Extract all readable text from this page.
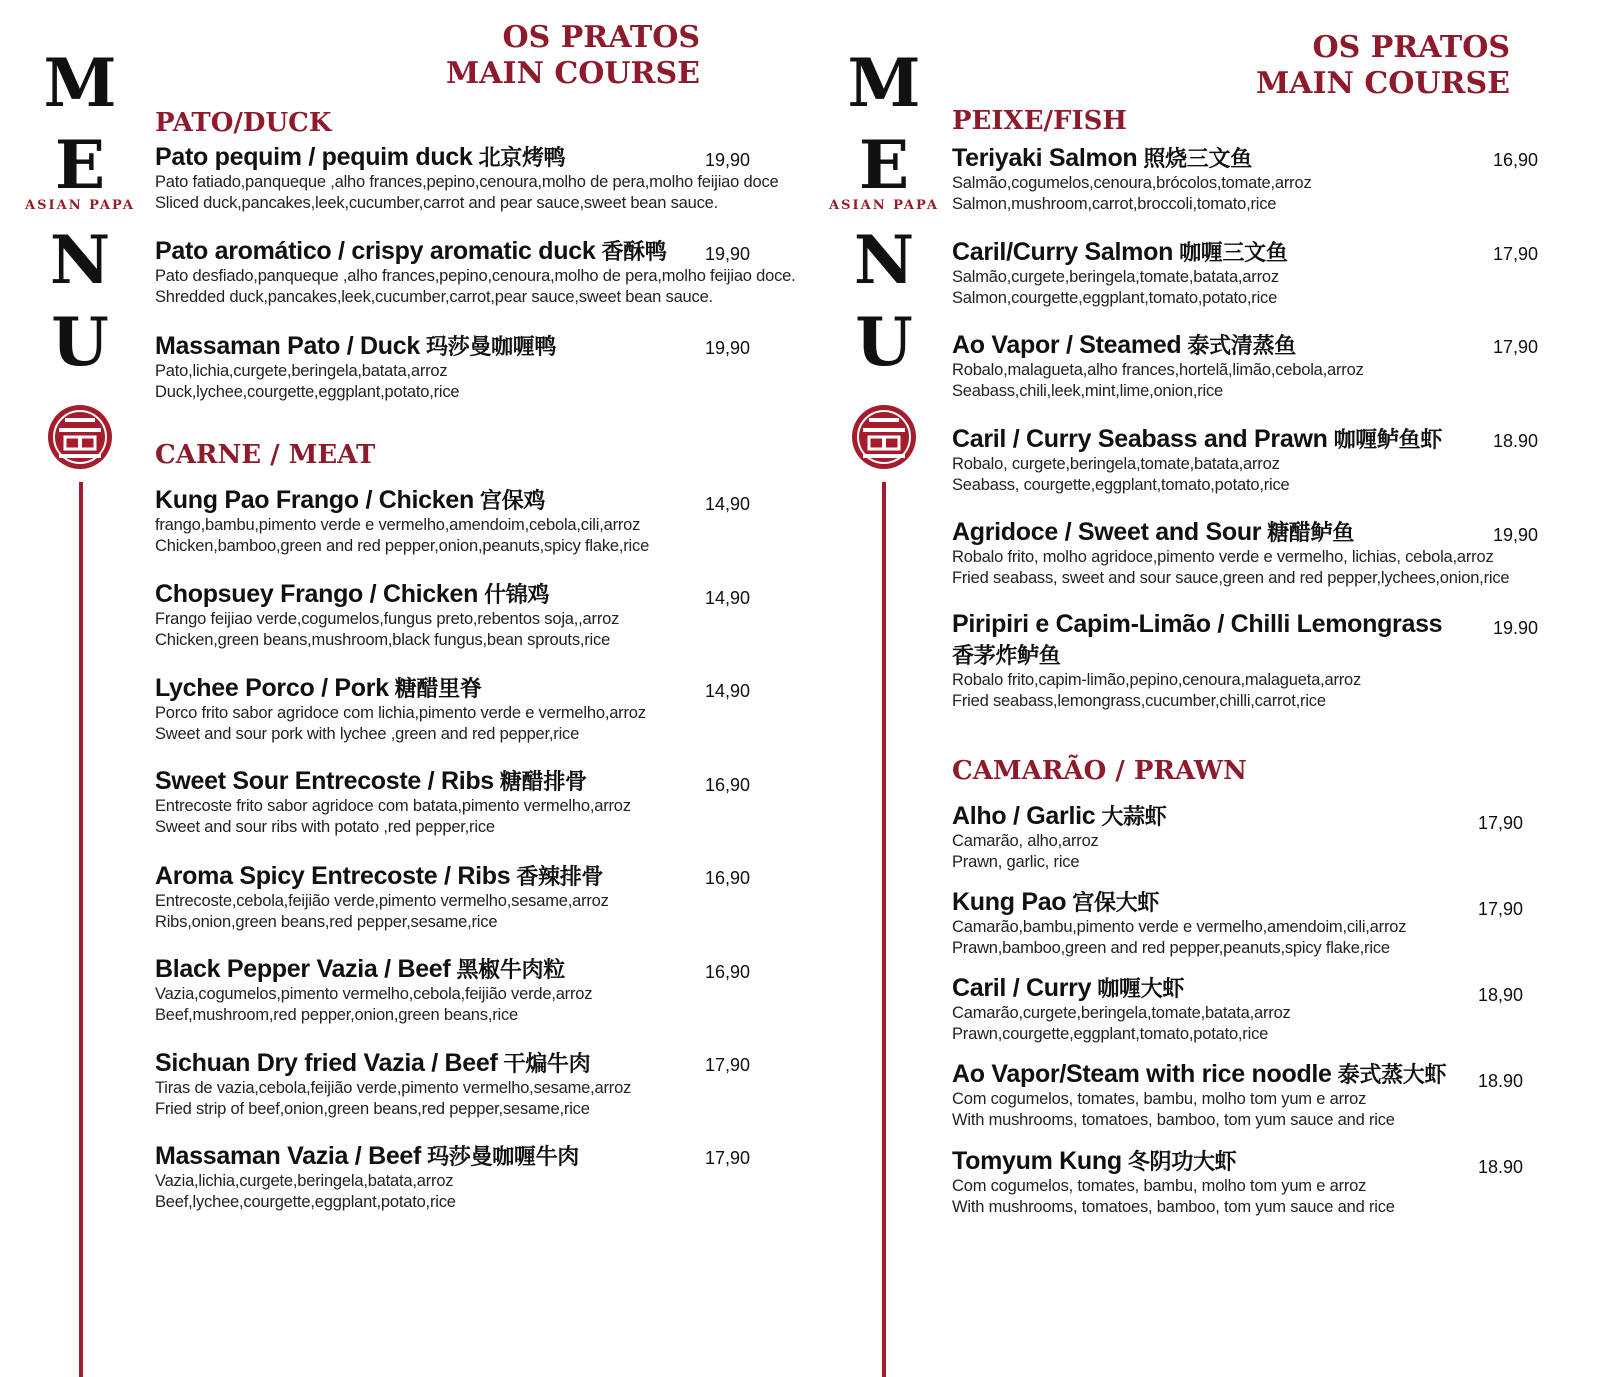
M
E
ASIAN PAPA
N
U
OS PRATOS
MAIN COURSE
PATO/DUCK
Pato pequim / pequim duck 北京烤鸭
Pato fatiado,panqueque ,alho frances,pepino,cenoura,molho de pera,molho feijiao doce
Sliced duck,pancakes,leek,cucumber,carrot and pear sauce,sweet bean sauce.
19,90
Pato aromático / crispy aromatic duck 香酥鸭
Pato desfiado,panqueque ,alho frances,pepino,cenoura,molho de pera,molho feijiao doce.
Shredded duck,pancakes,leek,cucumber,carrot,pear sauce,sweet bean sauce.
19,90
Massaman Pato / Duck 玛莎曼咖喱鸭
Pato,lichia,curgete,beringela,batata,arroz
Duck,lychee,courgette,eggplant,potato,rice
19,90
CARNE / MEAT
Kung Pao Frango / Chicken 宫保鸡
frango,bambu,pimento verde e vermelho,amendoim,cebola,cili,arroz
Chicken,bamboo,green and red pepper,onion,peanuts,spicy flake,rice
14,90
Chopsuey Frango / Chicken 什锦鸡
Frango feijiao verde,cogumelos,fungus preto,rebentos soja,,arroz
Chicken,green beans,mushroom,black fungus,bean sprouts,rice
14,90
Lychee Porco / Pork 糖醋里脊
Porco frito sabor agridoce com lichia,pimento verde e vermelho,arroz
Sweet and sour pork with lychee ,green and red pepper,rice
14,90
Sweet Sour Entrecoste / Ribs 糖醋排骨
Entrecoste frito sabor agridoce com batata,pimento vermelho,arroz
Sweet and sour ribs with potato ,red pepper,rice
16,90
Aroma Spicy Entrecoste / Ribs 香辣排骨
Entrecoste,cebola,feijião verde,pimento vermelho,sesame,arroz
Ribs,onion,green beans,red pepper,sesame,rice
16,90
Black Pepper Vazia / Beef 黑椒牛肉粒
Vazia,cogumelos,pimento vermelho,cebola,feijião verde,arroz
Beef,mushroom,red pepper,onion,green beans,rice
16,90
Sichuan Dry fried Vazia / Beef 干煸牛肉
Tiras de vazia,cebola,feijião verde,pimento vermelho,sesame,arroz
Fried strip of beef,onion,green beans,red pepper,sesame,rice
17,90
Massaman Vazia / Beef 玛莎曼咖喱牛肉
Vazia,lichia,curgete,beringela,batata,arroz
Beef,lychee,courgette,eggplant,potato,rice
17,90
M
E
ASIAN PAPA
N
U
OS PRATOS
MAIN COURSE
PEIXE/FISH
Teriyaki Salmon 照烧三文鱼
Salmão,cogumelos,cenoura,brócolos,tomate,arroz
Salmon,mushroom,carrot,broccoli,tomato,rice
16,90
Caril/Curry Salmon 咖喱三文鱼
Salmão,curgete,beringela,tomate,batata,arroz
Salmon,courgette,eggplant,tomato,potato,rice
17,90
Ao Vapor / Steamed 泰式清蒸鱼
Robalo,malagueta,alho frances,hortelã,limão,cebola,arroz
Seabass,chili,leek,mint,lime,onion,rice
17,90
Caril / Curry Seabass and Prawn 咖喱鲈鱼虾
Robalo, curgete,beringela,tomate,batata,arroz
Seabass, courgette,eggplant,tomato,potato,rice
18.90
Agridoce / Sweet and Sour 糖醋鲈鱼
Robalo frito, molho agridoce,pimento verde e vermelho, lichias, cebola,arroz
Fried seabass, sweet and sour sauce,green and red pepper,lychees,onion,rice
19,90
Piripiri e Capim-Limão / Chilli Lemongrass
香茅炸鲈鱼
Robalo frito,capim-limão,pepino,cenoura,malagueta,arroz
Fried seabass,lemongrass,cucumber,chilli,carrot,rice
19.90
CAMARÃO / PRAWN
Alho / Garlic 大蒜虾
Camarão, alho,arroz
Prawn, garlic, rice
17,90
Kung Pao 宫保大虾
Camarão,bambu,pimento verde e vermelho,amendoim,cili,arroz
Prawn,bamboo,green and red pepper,peanuts,spicy flake,rice
17,90
Caril / Curry 咖喱大虾
Camarão,curgete,beringela,tomate,batata,arroz
Prawn,courgette,eggplant,tomato,potato,rice
18,90
Ao Vapor/Steam with rice noodle 泰式蒸大虾
Com cogumelos, tomates, bambu, molho tom yum e arroz
With mushrooms, tomatoes, bamboo, tom yum sauce and rice
18.90
Tomyum Kung 冬阴功大虾
Com cogumelos, tomates, bambu, molho tom yum e arroz
With mushrooms, tomatoes, bamboo, tom yum sauce and rice
18.90
